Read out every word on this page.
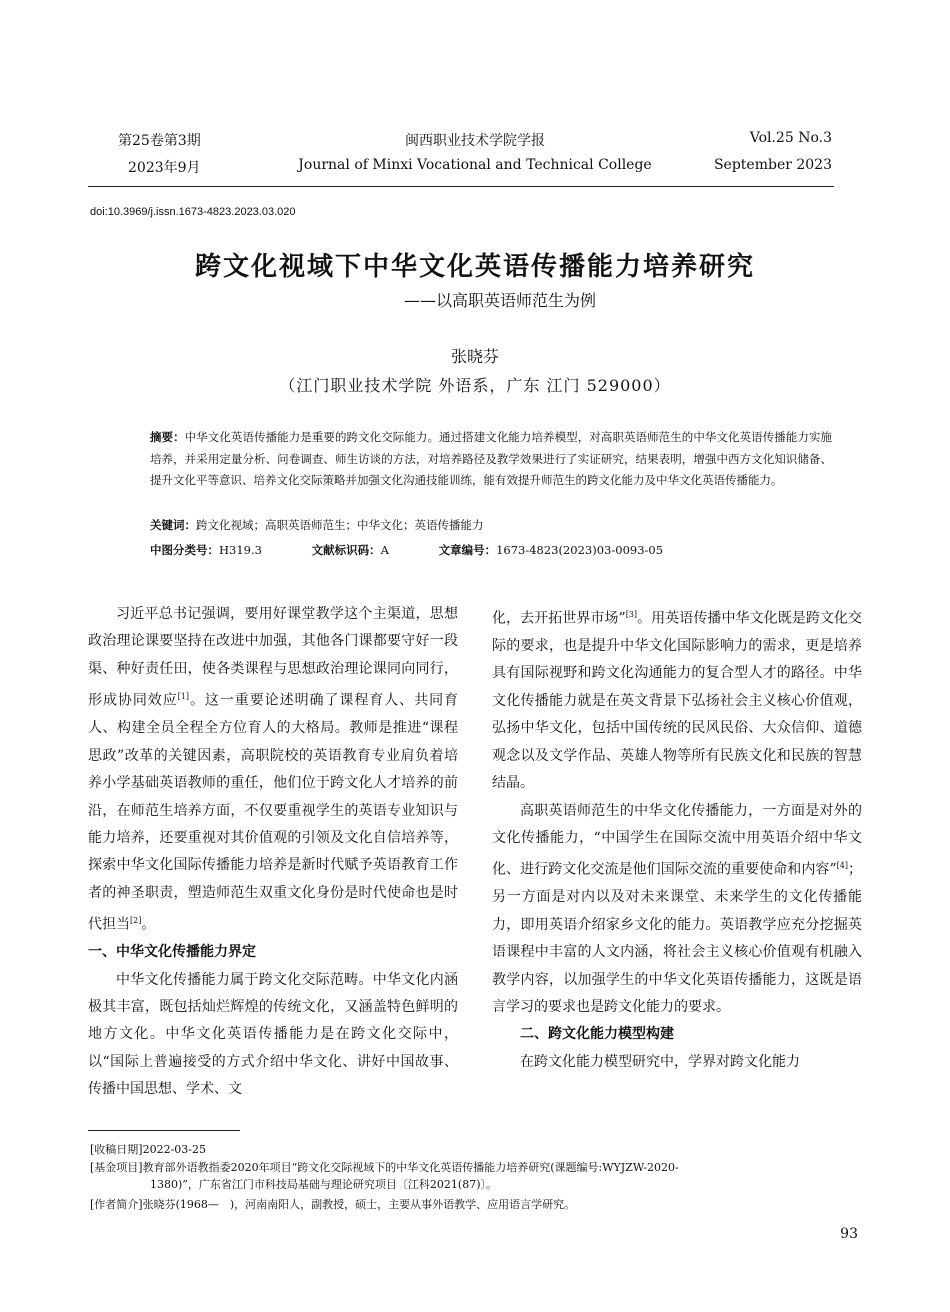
第25卷第3期
2023年9月
闽西职业技术学院学报
Journal of Minxi Vocational and Technical College
Vol.25 No.3
September 2023
doi:10.3969/j.issn.1673-4823.2023.03.020
跨文化视域下中华文化英语传播能力培养研究
——以高职英语师范生为例
张晓芬
（江门职业技术学院 外语系，广东 江门 529000）
摘要：中华文化英语传播能力是重要的跨文化交际能力。通过搭建文化能力培养模型，对高职英语师范生的中华文化英语传播能力实施培养，并采用定量分析、问卷调查、师生访谈的方法，对培养路径及教学效果进行了实证研究，结果表明，增强中西方文化知识储备、提升文化平等意识、培养文化交际策略并加强文化沟通技能训练，能有效提升师范生的跨文化能力及中华文化英语传播能力。
关键词：跨文化视域；高职英语师范生；中华文化；英语传播能力
中图分类号：H319.3	文献标识码：A	文章编号：1673-4823(2023)03-0093-05

习近平总书记强调，要用好课堂教学这个主渠道，思想政治理论课要坚持在改进中加强，其他各门课都要守好一段渠、种好责任田，使各类课程与思想政治理论课同向同行，形成协同效应[1]。这一重要论述明确了课程育人、共同育人、构建全员全程全方位育人的大格局。教师是推进“课程思政”改革的关键因素，高职院校的英语教育专业肩负着培养小学基础英语教师的重任，他们位于跨文化人才培养的前沿，在师范生培养方面，不仅要重视学生的英语专业知识与能力培养，还要重视对其价值观的引领及文化自信培养等，探索中华文化国际传播能力培养是新时代赋予英语教育工作者的神圣职责，塑造师范生双重文化身份是时代使命也是时代担当[2]。

一、中华文化传播能力界定

中华文化传播能力属于跨文化交际范畴。中华文化内涵极其丰富，既包括灿烂辉煌的传统文化，又涵盖特色鲜明的地方文化。中华文化英语传播能力是在跨文化交际中，以“国际上普遍接受的方式介绍中华文化、讲好中国故事、传播中国思想、学术、文

化，去开拓世界市场”[3]。用英语传播中华文化既是跨文化交际的要求，也是提升中华文化国际影响力的需求，更是培养具有国际视野和跨文化沟通能力的复合型人才的路径。中华文化传播能力就是在英文背景下弘扬社会主义核心价值观，弘扬中华文化，包括中国传统的民风民俗、大众信仰、道德观念以及文学作品、英雄人物等所有民族文化和民族的智慧结晶。

高职英语师范生的中华文化传播能力，一方面是对外的文化传播能力，“中国学生在国际交流中用英语介绍中华文化、进行跨文化交流是他们国际交流的重要使命和内容”[4]；另一方面是对内以及对未来课堂、未来学生的文化传播能力，即用英语介绍家乡文化的能力。英语教学应充分挖掘英语课程中丰富的人文内涵，将社会主义核心价值观有机融入教学内容，以加强学生的中华文化英语传播能力，这既是语言学习的要求也是跨文化能力的要求。

二、跨文化能力模型构建

在跨文化能力模型研究中，学界对跨文化能力

[收稿日期]2022-03-25
[基金项目]教育部外语教指委2020年项目“跨文化交际视域下的中华文化英语传播能力培养研究(课题编号:WYJZW-2020-
1380)”，广东省江门市科技局基础与理论研究项目〔江科2021(87)〕。
[作者简介]张晓芬(1968—　)，河南南阳人，副教授，硕士，主要从事外语教学、应用语言学研究。
93
